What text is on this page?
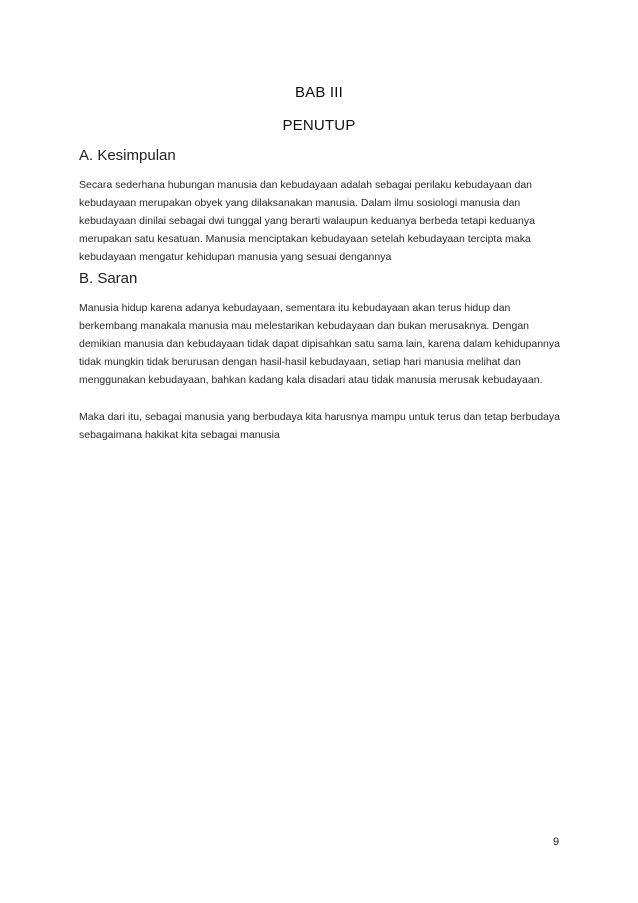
BAB III
PENUTUP
A. Kesimpulan

Secara sederhana hubungan manusia dan kebudayaan adalah sebagai perilaku kebudayaan dan kebudayaan merupakan obyek yang dilaksanakan manusia. Dalam ilmu sosiologi manusia dan kebudayaan dinilai sebagai dwi tunggal yang berarti walaupun keduanya berbeda tetapi keduanya merupakan satu kesatuan. Manusia menciptakan kebudayaan setelah kebudayaan tercipta maka kebudayaan mengatur kehidupan manusia yang sesuai dengannya

B. Saran

Manusia hidup karena adanya kebudayaan, sementara itu kebudayaan akan terus hidup dan berkembang manakala manusia mau melestarikan kebudayaan dan bukan merusaknya. Dengan demikian manusia dan kebudayaan tidak dapat dipisahkan satu sama lain, karena dalam kehidupannya tidak mungkin tidak berurusan dengan hasil-hasil kebudayaan, setiap hari manusia melihat dan menggunakan kebudayaan, bahkan kadang kala disadari atau tidak manusia merusak kebudayaan.

Maka dari itu, sebagai manusia yang berbudaya kita harusnya mampu untuk terus dan tetap berbudaya sebagaimana hakikat kita sebagai manusia

9
